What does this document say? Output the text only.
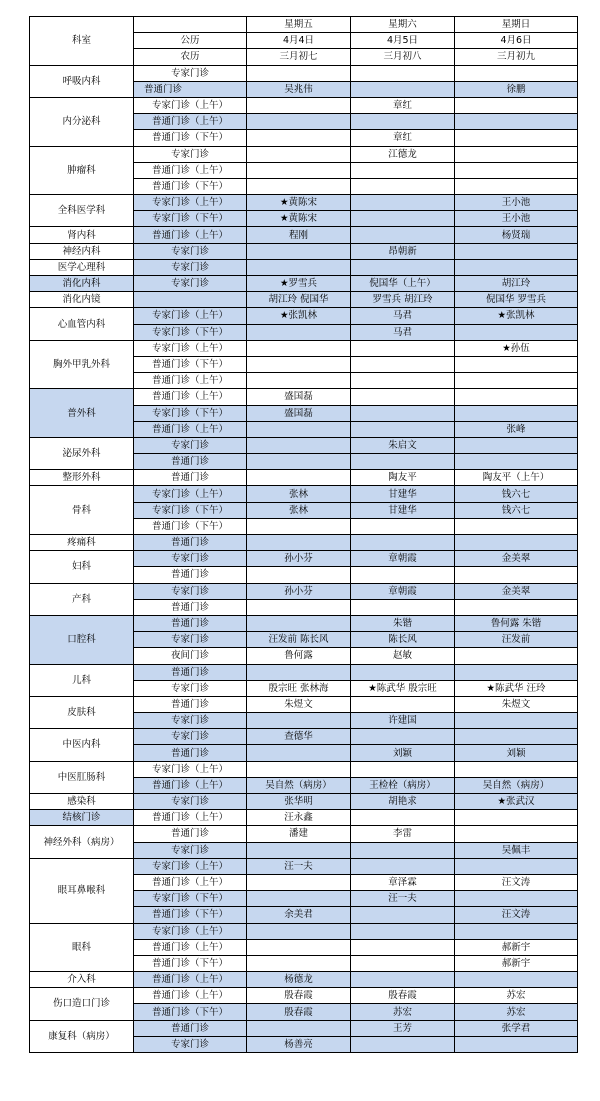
科室		星期五	星期六	星期日
	公历	4月4日	4月5日	4月6日
	农历	三月初七	三月初八	三月初九
呼吸内科	专家门诊			
	普通门诊	吴兆伟		徐鹏
内分泌科	专家门诊（上午）		章红	
	普通门诊（上午）			
	普通门诊（下午）		章红	
肿瘤科	专家门诊		江德龙	
	普通门诊（上午）			
	普通门诊（下午）			
全科医学科	专家门诊（上午）	★黄陈宋		王小池
	专家门诊（下午）	★黄陈宋		王小池
肾内科	普通门诊（上午）	程刚		杨贤瑞
神经内科	专家门诊		昂朝新	
医学心理科	专家门诊			
消化内科	专家门诊	★罗雪兵	倪国华（上午）	胡江玲
消化内镜		胡江玲 倪国华	罗雪兵 胡江玲	倪国华 罗雪兵
心血管内科	专家门诊（上午）	★张凯林	马君	★张凯林
	专家门诊（下午）		马君	
胸外甲乳外科	专家门诊（上午）			★孙伍
	普通门诊（下午）			
	普通门诊（上午）			
普外科	普通门诊（上午）	盛国磊		
	专家门诊（下午）	盛国磊		
	普通门诊（上午）			张峰
泌尿外科	专家门诊		朱启文	
	普通门诊			
整形外科	普通门诊		陶友平	陶友平（上午）
骨科	专家门诊（上午）	张林	甘建华	钱六七
	专家门诊（下午）	张林	甘建华	钱六七
	普通门诊（下午）			
疼痛科	普通门诊			
妇科	专家门诊	孙小芬	章朝霞	金美翠
	普通门诊			
产科	专家门诊	孙小芬	章朝霞	金美翠
	普通门诊			
口腔科	普通门诊		朱锴	鲁何露 朱锴
	专家门诊	汪发前 陈长风	陈长风	汪发前
	夜间门诊	鲁何露	赵敏	
儿科	普通门诊			
	专家门诊	殷宗旺 张林海	★陈武华 殷宗旺	★陈武华 汪玲
皮肤科	普通门诊	朱煜文		朱煜文
	专家门诊		许建国	
中医内科	专家门诊	查德华		
	普通门诊		刘颖	刘颖
中医肛肠科	专家门诊（上午）			
	普通门诊（上午）	吴自然（病房）	王检栓（病房）	吴自然（病房）
感染科	专家门诊	张华明	胡艳求	★张武汉
结核门诊	普通门诊（上午）	汪永鑫		
神经外科（病房）	普通门诊	潘建	李雷	
	专家门诊			吴佩丰
眼耳鼻喉科	专家门诊（上午）	汪一夫		
	普通门诊（上午）		章泽霖	汪文涛
	专家门诊（下午）		汪一夫	
	普通门诊（下午）	余美君		汪文涛
眼科	专家门诊（上午）			
	普通门诊（上午）			郝新宇
	普通门诊（下午）			郝新宇
介入科	普通门诊（上午）	杨德龙		
伤口造口门诊	普通门诊（上午）	殷春霞	殷春霞	苏宏
	普通门诊（下午）	殷春霞	苏宏	苏宏
康复科（病房）	普通门诊		王芳	张学君
	专家门诊	杨善亮		
